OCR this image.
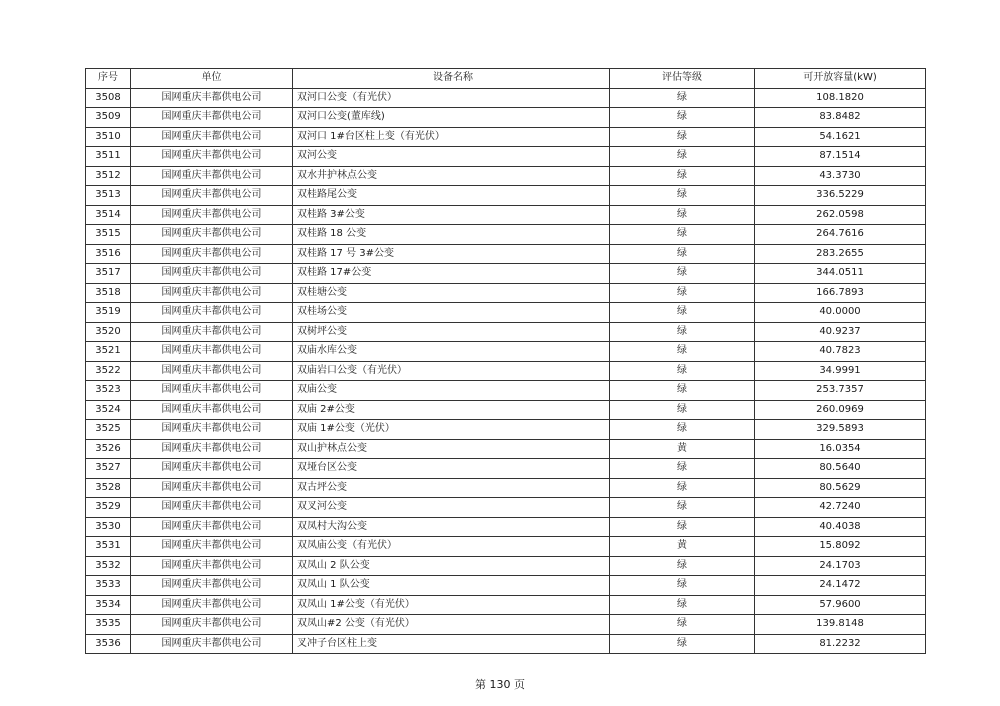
序号	单位	设备名称	评估等级	可开放容量(kW)
3508	国网重庆丰都供电公司	双河口公变（有光伏）	绿	108.1820
3509	国网重庆丰都供电公司	双河口公变(董库线)	绿	83.8482
3510	国网重庆丰都供电公司	双河口 1#台区柱上变（有光伏）	绿	54.1621
3511	国网重庆丰都供电公司	双河公变	绿	87.1514
3512	国网重庆丰都供电公司	双水井护林点公变	绿	43.3730
3513	国网重庆丰都供电公司	双桂路尾公变	绿	336.5229
3514	国网重庆丰都供电公司	双桂路 3#公变	绿	262.0598
3515	国网重庆丰都供电公司	双桂路 18 公变	绿	264.7616
3516	国网重庆丰都供电公司	双桂路 17 号 3#公变	绿	283.2655
3517	国网重庆丰都供电公司	双桂路 17#公变	绿	344.0511
3518	国网重庆丰都供电公司	双桂塘公变	绿	166.7893
3519	国网重庆丰都供电公司	双桂场公变	绿	40.0000
3520	国网重庆丰都供电公司	双树坪公变	绿	40.9237
3521	国网重庆丰都供电公司	双庙水库公变	绿	40.7823
3522	国网重庆丰都供电公司	双庙岩口公变（有光伏）	绿	34.9991
3523	国网重庆丰都供电公司	双庙公变	绿	253.7357
3524	国网重庆丰都供电公司	双庙 2#公变	绿	260.0969
3525	国网重庆丰都供电公司	双庙 1#公变（光伏）	绿	329.5893
3526	国网重庆丰都供电公司	双山护林点公变	黄	16.0354
3527	国网重庆丰都供电公司	双垭台区公变	绿	80.5640
3528	国网重庆丰都供电公司	双古坪公变	绿	80.5629
3529	国网重庆丰都供电公司	双叉河公变	绿	42.7240
3530	国网重庆丰都供电公司	双凤村大沟公变	绿	40.4038
3531	国网重庆丰都供电公司	双凤庙公变（有光伏）	黄	15.8092
3532	国网重庆丰都供电公司	双凤山 2 队公变	绿	24.1703
3533	国网重庆丰都供电公司	双凤山 1 队公变	绿	24.1472
3534	国网重庆丰都供电公司	双凤山 1#公变（有光伏）	绿	57.9600
3535	国网重庆丰都供电公司	双凤山#2 公变（有光伏）	绿	139.8148
3536	国网重庆丰都供电公司	叉冲子台区柱上变	绿	81.2232
第 130 页
